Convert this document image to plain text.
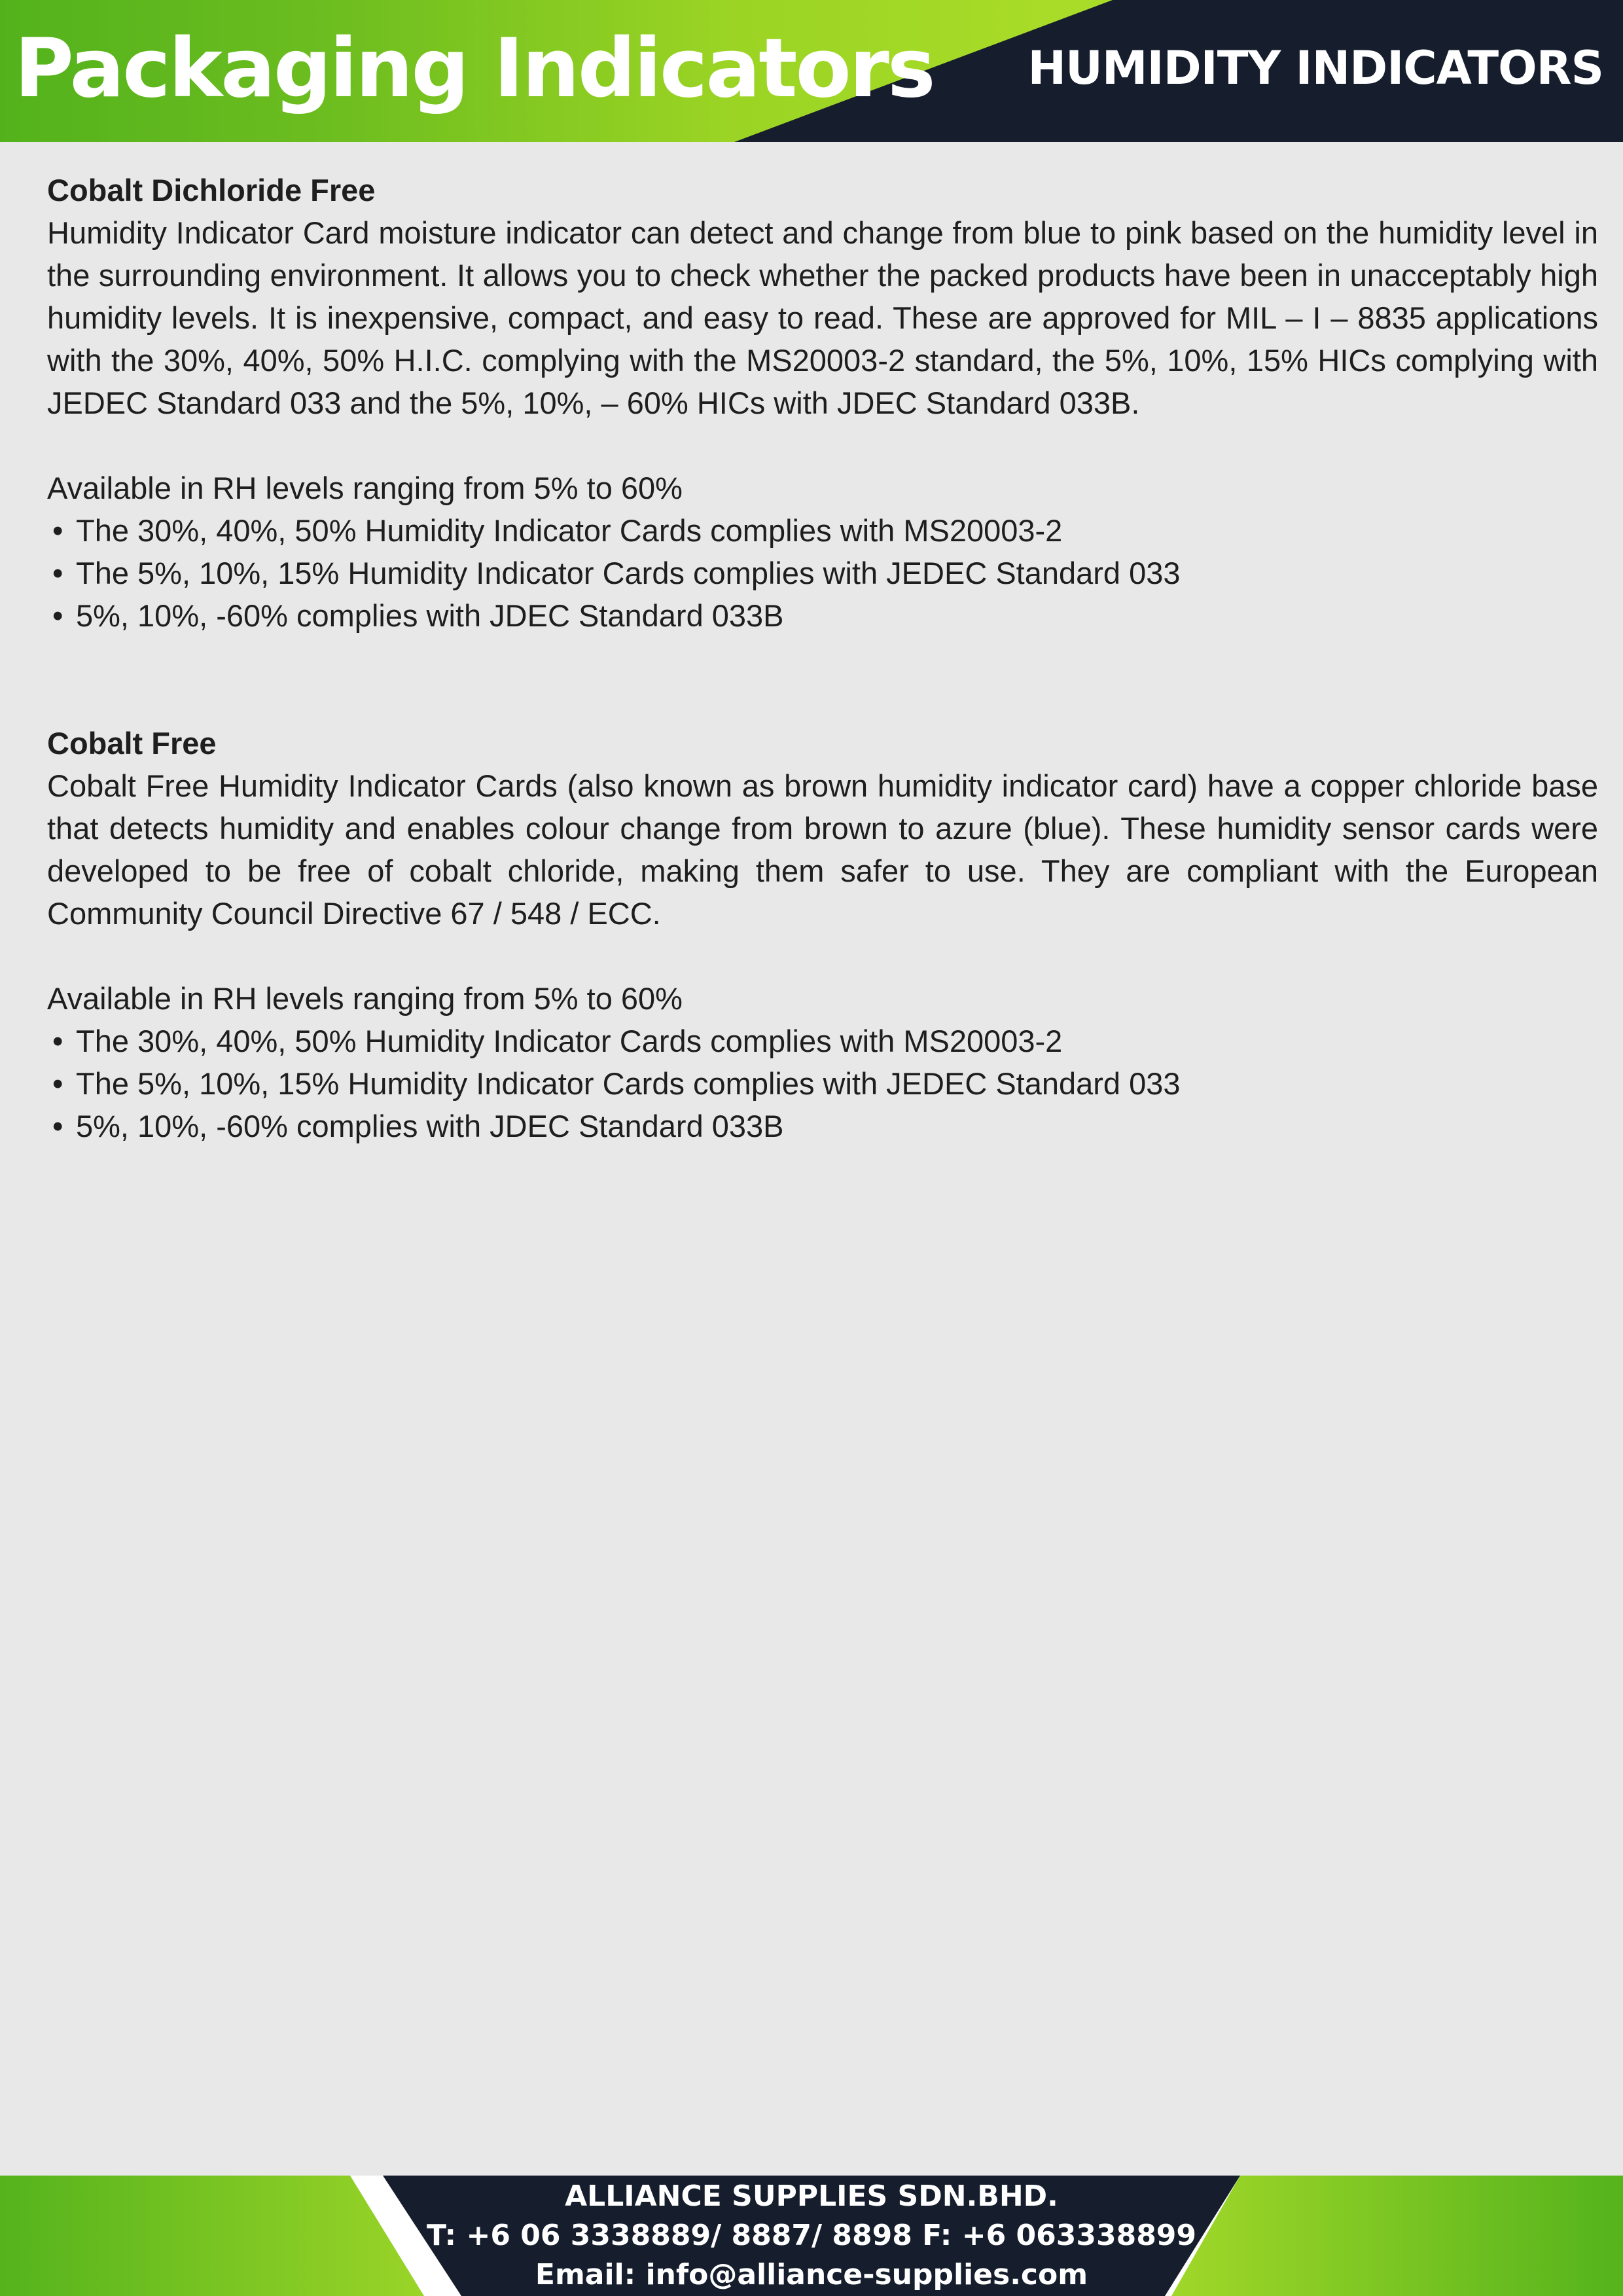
Packaging Indicators HUMIDITY INDICATORS

Cobalt Dichloride Free

Humidity Indicator Card moisture indicator can detect and change from blue to pink based on the humidity level in the surrounding environment. It allows you to check whether the packed products have been in unacceptably high humidity levels. It is inexpensive, compact, and easy to read. These are approved for MIL – I – 8835 applications with the 30%, 40%, 50% H.I.C. complying with the MS20003-2 standard, the 5%, 10%, 15% HICs complying with JEDEC Standard 033 and the 5%, 10%, – 60% HICs with JDEC Standard 033B.

Available in RH levels ranging from 5% to 60%

• The 30%, 40%, 50% Humidity Indicator Cards complies with MS20003-2
• The 5%, 10%, 15% Humidity Indicator Cards complies with JEDEC Standard 033
• 5%, 10%, -60% complies with JDEC Standard 033B

Cobalt Free

Cobalt Free Humidity Indicator Cards (also known as brown humidity indicator card) have a copper chloride base that detects humidity and enables colour change from brown to azure (blue). These humidity sensor cards were developed to be free of cobalt chloride, making them safer to use. They are compliant with the European Community Council Directive 67 / 548 / ECC.

Available in RH levels ranging from 5% to 60%

• The 30%, 40%, 50% Humidity Indicator Cards complies with MS20003-2
• The 5%, 10%, 15% Humidity Indicator Cards complies with JEDEC Standard 033
• 5%, 10%, -60% complies with JDEC Standard 033B
ALLIANCE SUPPLIES SDN.BHD.
T: +6 06 3338889/ 8887/ 8898 F: +6 063338899
Email: info@alliance-supplies.com
